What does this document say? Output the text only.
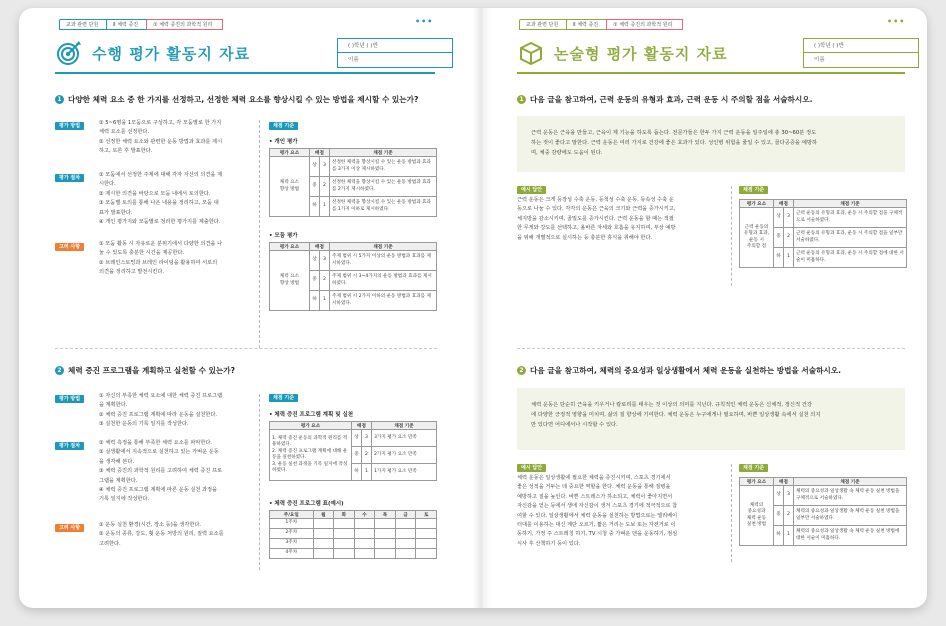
교과 관련 단원	Ⅱ 체력 증진	① 체력 증진의 과학적 원리	•••
수행 평가 활동지 자료	( )학년 ( )반
이름
1 다양한 체력 요소 중 한 가지를 선정하고, 선정한 체력 요소를 향상시킬 수 있는 방법을 제시할 수 있는가?
평가 방법	① 5~6명을 1모둠으로 구성하고, 각 모둠별로 한 가지

체력 요소를 선정한다.

② 선정한 체력 요소와 관련한 운동 방법과 효과를 제시

하고, 토론 후 발표한다.

평가 절차	① 모둠에서 선정한 주제에 대해 각자 자신의 의견을 제

시한다.

② 제시한 의견을 바탕으로 모둠 내에서 토의한다.

③ 모둠별 토의를 통해 나온 내용을 정리하고, 모둠 대

표가 발표한다.

④ 개인 평가지와 모둠별로 정리한 평가지를 제출한다.

고려 사항	① 모둠 활동 시 자유로운 분위기에서 다양한 의견을 나

눌 수 있도록 충분한 시간을 제공한다.

② 브레인스토밍과 브레인 라이팅을 활용하여 서로의

의견을 정리하고 발전시킨다.

채점 기준
• 개인 평가
평가 요소	배점		채점 기준
체력 요소
향상 방법	상	3	선정한 체력을 향상시킬 수 있는 운동 방법과 효과를 3가지 이상 제시하였다.
	중	2	선정한 체력을 향상시킬 수 있는 운동 방법과 효과를 2가지 제시하였다.
	하	1	선정한 체력을 향상시킬 수 있는 운동 방법과 효과를 1가지 이하로 제시하였다.
• 모둠 평가
평가 요소	배점		채점 기준
체력 요소
향상 방법	상	3	주제 범위 시 5가지 이상의 운동 방법과 효과를 제시하였다.
	중	2	주제 범위 시 3~4가지의 운동 방법과 효과를 제시하였다.
	하	1	주제 범위 시 2가지 이하의 운동 방법과 효과를 제시하였다.
2 체력 증진 프로그램을 계획하고 실천할 수 있는가?
평가 방법	① 자신의 부족한 체력 요소에 대한 체력 증진 프로그램

을 계획한다.

② 체력 증진 프로그램 계획에 따라 운동을 실천한다.

③ 실천한 운동의 기록 일지를 작성한다.

평가 절차	① 체력 측정을 통해 부족한 체력 요소를 파악한다.

② 실생활에서 지속적으로 실천하고 있는 가벼운 운동

을 생각해 본다.

③ 체력 증진의 과학적 원리를 고려하여 체력 증진 프로

그램을 계획한다.

④ 체력 증진 프로그램 계획에 따른 운동 실천 과정을

기록 일지에 작성한다.

고려 사항	① 운동 실천 환경(시간, 장소 등)을 생각한다.

② 운동의 종류, 강도, 횟 운동 처방의 원리, 질력 요소를

고려한다.

채점 기준
• 체력 증진 프로그램 계획 및 실천
평가 요소	배점		채점 기준
1. 체력 증진 운동의 과학적 원리를 적용하였다.
2. 체력 증진 프로그램 계획에 대해 운동을 실천하였다.
3. 운동 실천 과정을 기록 일지에 작성하였다.	상	3	3가지 평가 요소 만족
	중	2	2가지 평가 요소 만족
	하	1	1가지 평가 요소 만족
• 체력 증진 프로그램 표(예시)
주/요일	월	화	수	목	금	토
1주차						
2주차						
3주차						
4주차						
교과 관련 단원	Ⅱ 체력 증진	① 체력 증진의 과학적 원리	•••
논술형 평가 활동지 자료	( )학년 ( )반
이름
1 다음 글을 참고하여, 근력 운동의 유형과 효과, 근력 운동 시 주의할 점을 서술하시오.

근력 운동은 근육을 만들고, 근육이 제 기능을 하도록 돕는다. 전문가들은 한두 가지 근력 운동을 일주일에 총 30~60분 정도

하는 것이 좋다고 말한다. 근력 운동은 여러 가지로 건강에 좋은 효과가 있다. 성인병 위험을 줄일 수 있고, 골다공증을 예방하

며, 체중 감량에도 도움이 된다.

예시 답안

근력 운동은 크게 등장성 수축 운동, 등척성 수축 운동, 등속성 수축 운

동으로 나눌 수 있다. 각각의 운동은 근육의 크기와 근력을 증가시키고,

체지방을 감소시키며, 골밀도를 증가시킨다. 근력 운동을 할 때는 적절

한 무게와 강도를 선택하고, 올바른 자세와 호흡을 유지하며, 부상 예방

을 위해 개별적으로 실시하는 등 충분한 휴식을 취해야 한다.

채점 기준
평가 요소	배점		채점 기준
근력 운동의
유형과 효과,
운동 시
주의할 점	상	3	근력 운동의 유형과 효과, 운동 시 주의할 점을 구체적으로 서술하였다.
	중	2	근력 운동의 유형과 효과, 운동 시 주의할 점을 일부만 서술하였다.
	하	1	근력 운동의 유형과 효과, 운동 시 주의할 점에 대한 서술이 미흡하다.
2 다음 글을 참고하여, 체력의 중요성과 일상생활에서 체력 운동을 실천하는 방법을 서술하시오.

체력 운동은 단순히 근육을 키우거나 칼로리를 태우는 것 이상의 의미를 지닌다. 규칙적인 체력 운동은 신체적, 정신적 건강

에 다양한 긍정적 영향을 미치며, 삶의 질 향상에 기여한다. 체력 운동은 누구에게나 필요하며, 바쁜 일상생활 속에서 실천 의지

만 있다면 어디에서나 시작할 수 있다.

예시 답안

체력 운동은 일상생활에 필요한 체력을 증진시키며, 스포츠 경기에서

좋은 성적을 거두는 데 중요한 역할을 한다. 체력 운동을 통해 질병을

예방하고 질을 높인다. 바쁜 스트레스가 하소되고, 체력이 좋아지면서

자신감을 얻는 등에서 생애 자신감이 생겨 스포츠 경기에 적극적으로 참

여할 수 있다. 일상생활에서 체력 운동을 실천하는 방법으로는 엘리베이

터대를 이용하는 대신 계단 오르기, 짧은 거리는 도보 또는 자전거로 이

동하기, 가정 주 스트레칭 하기, TV 시청 중 가벼운 덴을 운동하기, 점심

식사 후 산책하기 등이 있다.

채점 기준
평가 요소	배점		채점 기준
체력의
중요성과
체력 운동
실천 방법	상	3	체력의 중요성과 일상생활 속 체력 운동 실천 방법을 구체적으로 서술하였다.
	중	2	체력의 중요성과 일상생활 속 체력 운동 실천 방법을 일부만 서술하였다.
	하	1	체력의 중요성과 일상생활 속 체력 운동 실천 방법에 대한 서술이 미흡하다.
